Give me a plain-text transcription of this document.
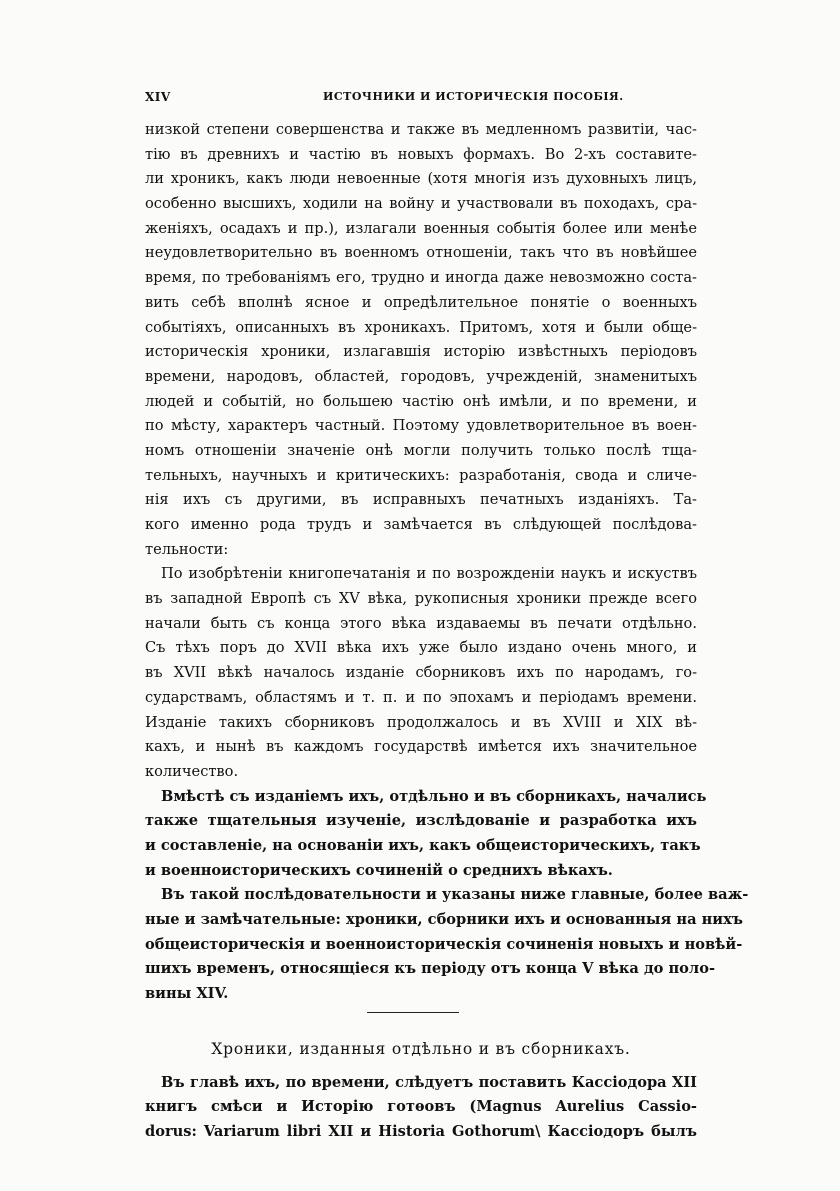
XIV	ИСТОЧНИКИ И ИСТОРИЧЕСКІЯ ПОСОБІЯ.
низкой степени совершенства и также въ медленномъ развитіи, час-
тію въ древнихъ и частію въ новыхъ формахъ. Во 2-хъ составите-
ли хроникъ, какъ люди невоенные (хотя многія изъ духовныхъ лицъ,
особенно высшихъ, ходили на войну и участвовали въ походахъ, сра-
женіяхъ, осадахъ и пр.), излагали военныя событія более или менѣе
неудовлетворительно въ военномъ отношеніи, такъ что въ новѣйшее
время, по требованіямъ его, трудно и иногда даже невозможно соста-
вить себѣ вполнѣ ясное и опредѣлительное понятіе о военныхъ
событіяхъ, описанныхъ въ хроникахъ. Притомъ, хотя и были обще-
историческія хроники, излагавшія исторію извѣстныхъ періодовъ
времени, народовъ, областей, городовъ, учрежденій, знаменитыхъ
людей и событій, но большею частію онѣ имѣли, и по времени, и
по мѣсту, характеръ частный. Поэтому удовлетворительное въ воен-
номъ отношеніи значеніе онѣ могли получить только послѣ тща-
тельныхъ, научныхъ и критическихъ: разработанія, свода и сличе-
нія ихъ съ другими, въ исправныхъ печатныхъ изданіяхъ. Та-
кого именно рода трудъ и замѣчается въ слѣдующей послѣдова-
тельности:
По изобрѣтеніи книгопечатанія и по возрожденіи наукъ и искуствъ
въ западной Европѣ съ XV вѣка, рукописныя хроники прежде всего
начали быть съ конца этого вѣка издаваемы въ печати отдѣльно.
Съ тѣхъ поръ до XVII вѣка ихъ уже было издано очень много, и
въ XVII вѣкѣ началось изданіе сборниковъ ихъ по народамъ, го-
сударствамъ, областямъ и т. п. и по эпохамъ и періодамъ времени.
Изданіе такихъ сборниковъ продолжалось и въ XVIII и XIX вѣ-
кахъ, и нынѣ въ каждомъ государствѣ имѣется ихъ значительное
количество.
Вмѣстѣ съ изданіемъ ихъ, отдѣльно и въ сборникахъ, начались
также тщательныя изученіе, изслѣдованіе и разработка ихъ
и составленіе, на основаніи ихъ, какъ общеисторическихъ, такъ
и военноисторическихъ сочиненій о среднихъ вѣкахъ.
Въ такой послѣдовательности и указаны ниже главные, более важ-
ные и замѣчательные: хроники, сборники ихъ и основанныя на нихъ
общеисторическія и военноисторическія сочиненія новыхъ и новѣй-
шихъ временъ, относящіеся къ періоду отъ конца V вѣка до поло-
вины XIV.
Хроники, изданныя отдѣльно и въ сборникахъ.
Въ главѣ ихъ, по времени, слѣдуетъ поставить Кассіодора XII
книгъ смѣси и Исторію готѳовъ (Magnus Aurelius Cassio-
dorus: Variarum libri XII и Historia Gothorum\ Кассіодоръ былъ
